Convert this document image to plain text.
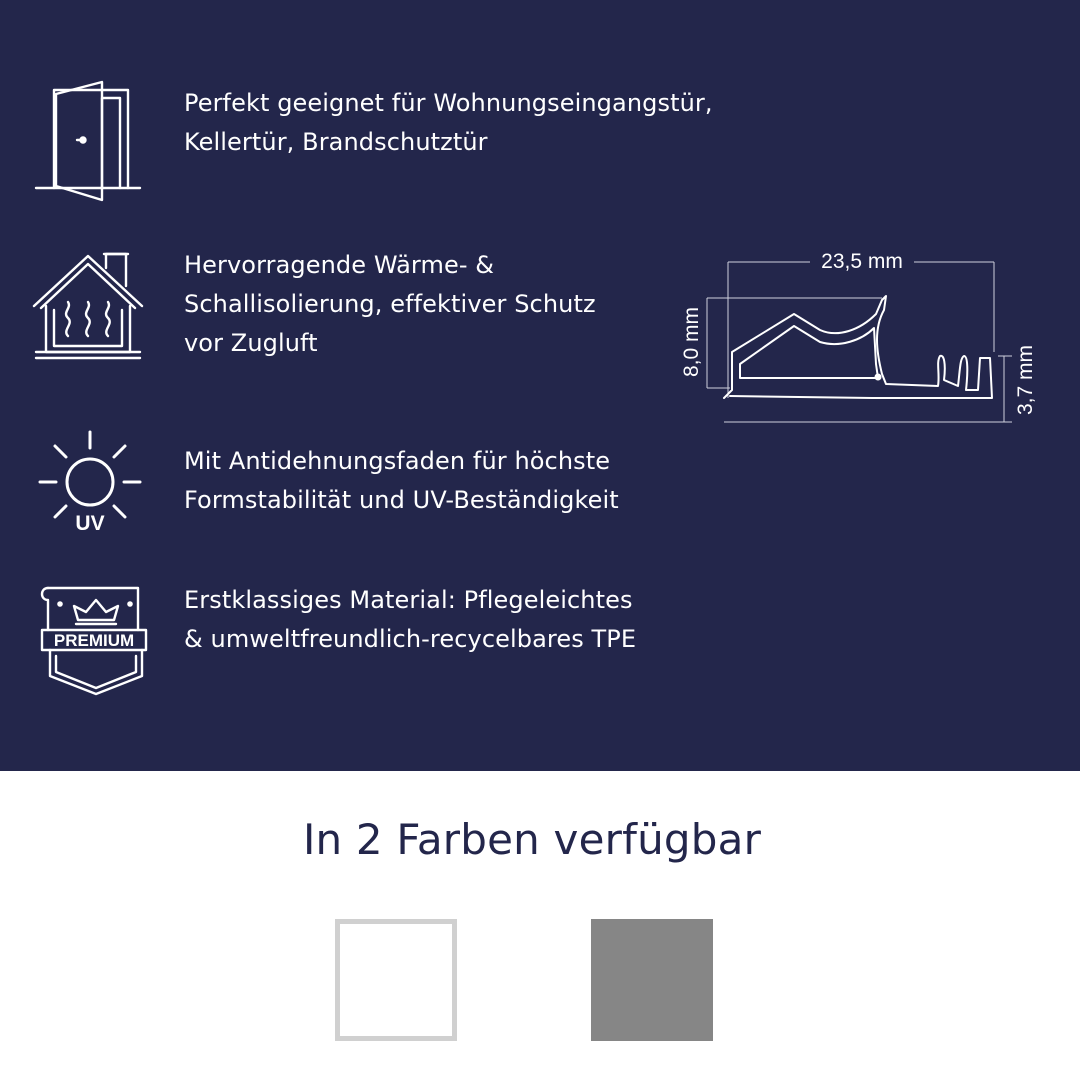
Perfekt geeignet für Wohnungseingangstür,
Kellertür, Brandschutztür
Hervorragende Wärme- &
Schallisolierung, effektiver Schutz
vor Zugluft
UV
Mit Antidehnungsfaden für höchste
Formstabilität und UV-Beständigkeit
PREMIUM
Erstklassiges Material: Pflegeleichtes
& umweltfreundlich-recycelbares TPE
23,5 mm
8,0 mm
3,7 mm
In 2 Farben verfügbar
